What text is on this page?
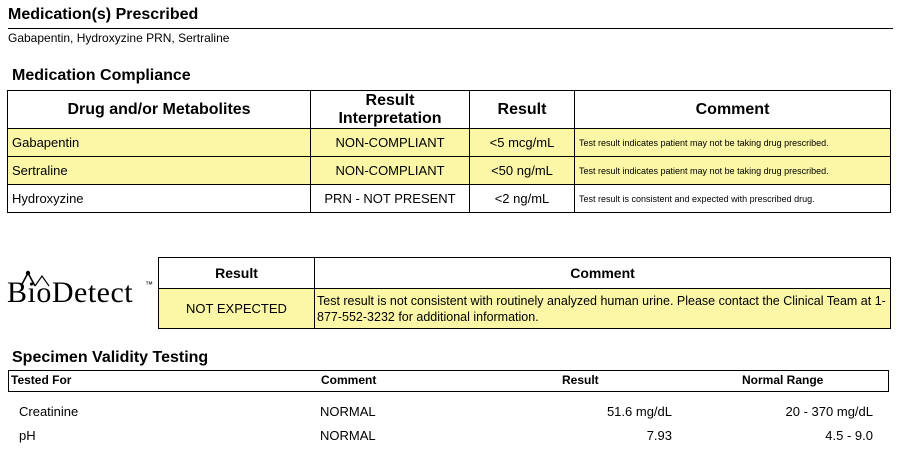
Medication(s) Prescribed
Gabapentin, Hydroxyzine PRN, Sertraline
Medication Compliance
Drug and/or Metabolites	Result Interpretation	Result	Comment
Gabapentin	NON-COMPLIANT	<5 mcg/mL	Test result indicates patient may not be taking drug prescribed.
Sertraline	NON-COMPLIANT	<50 ng/mL	Test result indicates patient may not be taking drug prescribed.
Hydroxyzine	PRN - NOT PRESENT	<2 ng/mL	Test result is consistent and expected with prescribed drug.
BioDetect ™
Result	Comment
NOT EXPECTED	Test result is not consistent with routinely analyzed human urine. Please contact the Clinical Team at 1-877-552-3232 for additional information.
Specimen Validity Testing
Tested For	Comment	Result	Normal Range
Creatinine	NORMAL	51.6 mg/dL	20 - 370 mg/dL
pH	NORMAL	7.93	4.5 - 9.0
